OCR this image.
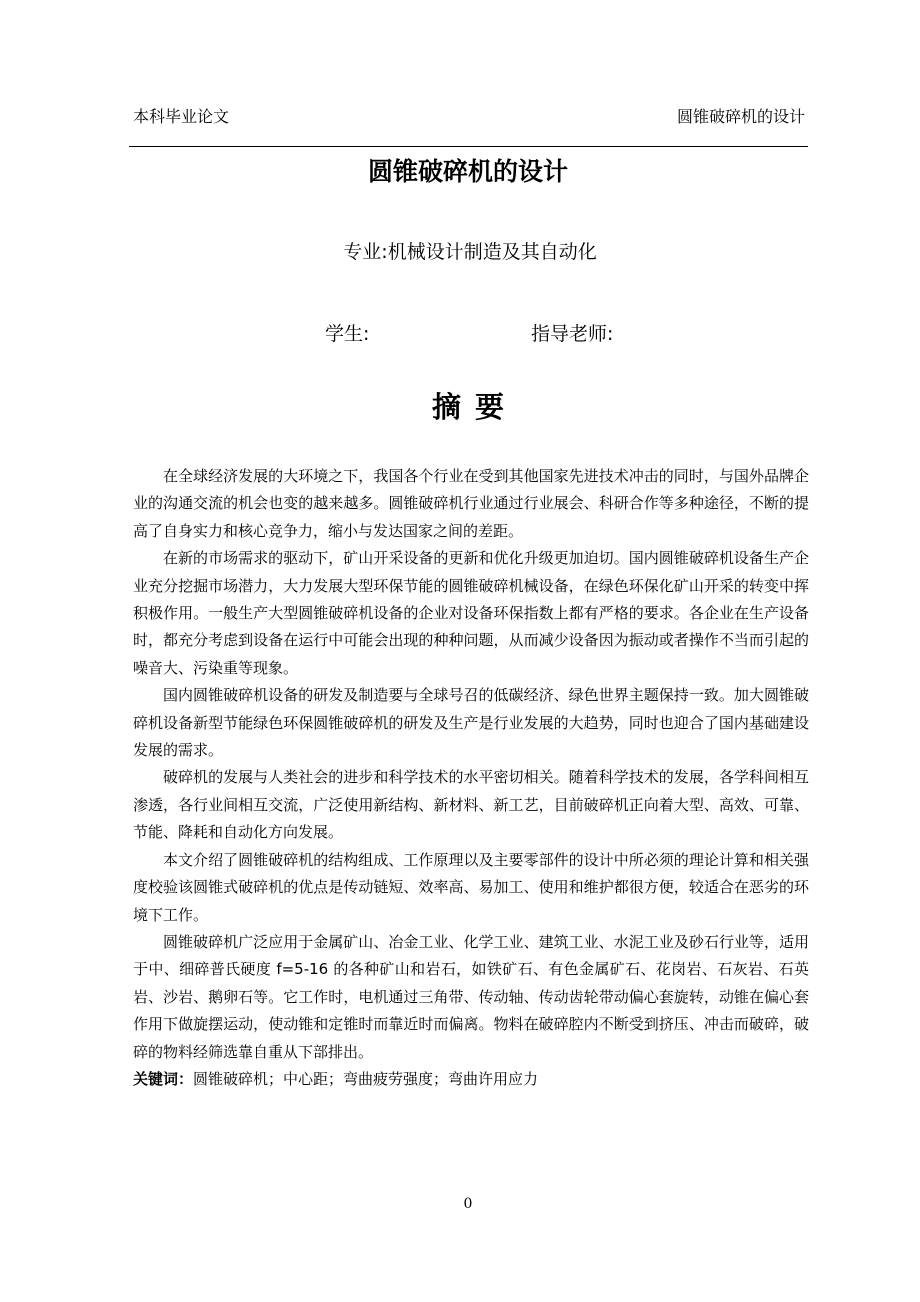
本科毕业论文	圆锥破碎机的设计
圆锥破碎机的设计
专业:机械设计制造及其自动化
学生:	指导老师:
摘要

在全球经济发展的大环境之下，我国各个行业在受到其他国家先进技术冲击的同时，与国外品牌企业的沟通交流的机会也变的越来越多。圆锥破碎机行业通过行业展会、科研合作等多种途径，不断的提高了自身实力和核心竞争力，缩小与发达国家之间的差距。

在新的市场需求的驱动下，矿山开采设备的更新和优化升级更加迫切。国内圆锥破碎机设备生产企业充分挖掘市场潜力，大力发展大型环保节能的圆锥破碎机械设备，在绿色环保化矿山开采的转变中挥积极作用。一般生产大型圆锥破碎机设备的企业对设备环保指数上都有严格的要求。各企业在生产设备时，都充分考虑到设备在运行中可能会出现的种种问题，从而减少设备因为振动或者操作不当而引起的噪音大、污染重等现象。

国内圆锥破碎机设备的研发及制造要与全球号召的低碳经济、绿色世界主题保持一致。加大圆锥破碎机设备新型节能绿色环保圆锥破碎机的研发及生产是行业发展的大趋势，同时也迎合了国内基础建设发展的需求。

破碎机的发展与人类社会的进步和科学技术的水平密切相关。随着科学技术的发展，各学科间相互渗透，各行业间相互交流，广泛使用新结构、新材料、新工艺，目前破碎机正向着大型、高效、可靠、节能、降耗和自动化方向发展。

本文介绍了圆锥破碎机的结构组成、工作原理以及主要零部件的设计中所必须的理论计算和相关强度校验该圆锥式破碎机的优点是传动链短、效率高、易加工、使用和维护都很方便，较适合在恶劣的环境下工作。

圆锥破碎机广泛应用于金属矿山、冶金工业、化学工业、建筑工业、水泥工业及砂石行业等，适用于中、细碎普氏硬度 f=5-16 的各种矿山和岩石，如铁矿石、有色金属矿石、花岗岩、石灰岩、石英岩、沙岩、鹅卵石等。它工作时，电机通过三角带、传动轴、传动齿轮带动偏心套旋转，动锥在偏心套作用下做旋摆运动，使动锥和定锥时而靠近时而偏离。物料在破碎腔内不断受到挤压、冲击而破碎，破碎的物料经筛选靠自重从下部排出。

关键词：圆锥破碎机；中心距；弯曲疲劳强度；弯曲许用应力
0
